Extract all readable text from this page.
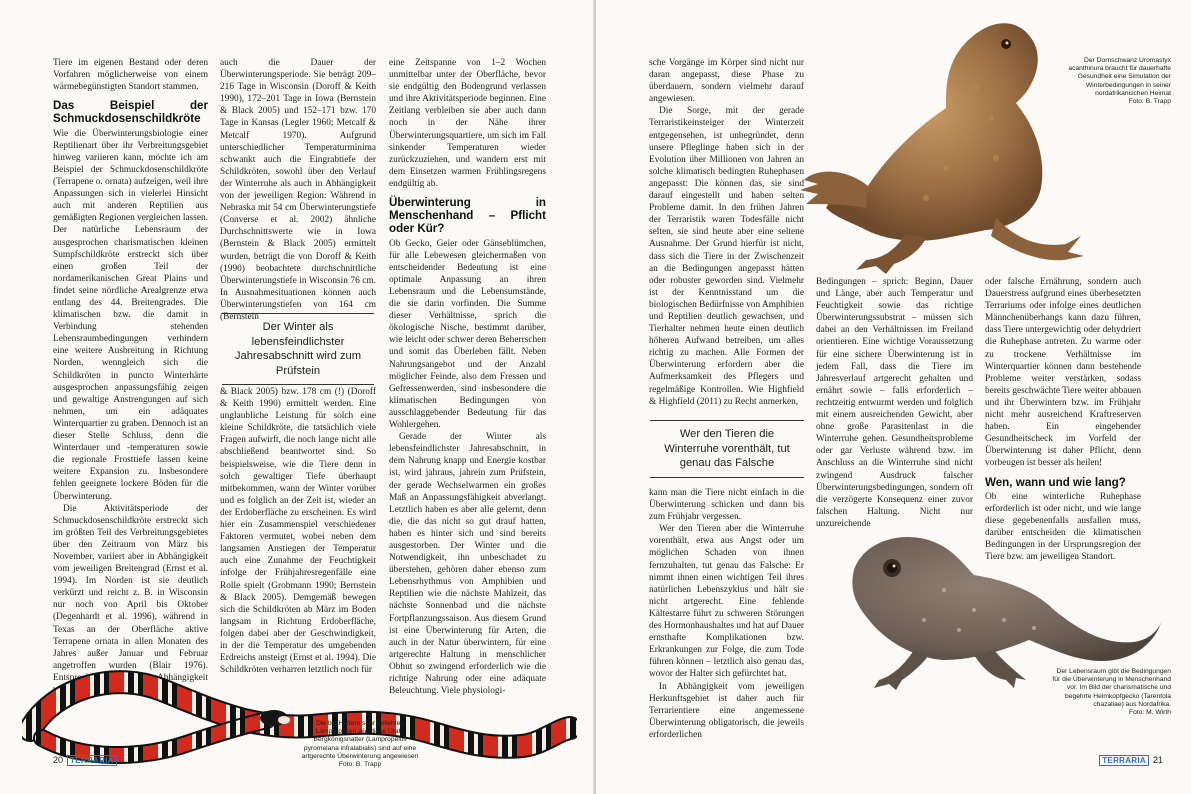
Tiere im eigenen Bestand oder deren Vorfahren möglicherweise von einem wärmebegünstigten Standort stammen.

Das Beispiel der Schmuckdosenschildkröte

Wie die Überwinterungsbiologie einer Reptilienart über ihr Verbreitungsgebiet hinweg variieren kann, möchte ich am Beispiel der Schmuckdosenschildkröte (Terrapene o. ornata) aufzeigen, weil ihre Anpassungen sich in vielerlei Hinsicht auch mit anderen Reptilien aus gemäßigten Regionen vergleichen lassen. Der natürliche Lebensraum der ausgesprochen charismatischen kleinen Sumpfschildkröte erstreckt sich über einen großen Teil der nordamerikanischen Great Plains und findet seine nördliche Arealgrenze etwa entlang des 44. Breitengrades. Die klimatischen bzw. die damit in Verbindung stehenden Lebensraumbedingungen verhindern eine weitere Ausbreitung in Richtung Norden, wenngleich sich die Schildkröten in puncto Winterhärte ausgesprochen anpassungsfähig zeigen und gewaltige Anstrengungen auf sich nehmen, um ein adäquates Winterquartier zu graben. Dennoch ist an dieser Stelle Schluss, denn die Winterdauer und -temperaturen sowie die regionale Frosttiefe lassen keine weitere Expansion zu. Insbesondere fehlen geeignete lockere Böden für die Überwinterung.

Die Aktivitätsperiode der Schmuckdosenschildkröte erstreckt sich im größten Teil des Verbreitungsgebietes über den Zeitraum von März bis November, variiert aber in Abhängigkeit vom jeweiligen Breitengrad (Ernst et al. 1994). Im Norden ist sie deutlich verkürzt und reicht z. B. in Wisconsin nur noch von April bis Oktober (Degenhardt et al. 1996), während in Texas an der Oberfläche aktive Terrapene ornata in allen Monaten des Jahres außer Januar und Februar angetroffen wurden (Blair 1976). Entsprechend variiert in Abhängigkeit vom Breitengrad

auch die Dauer der Überwinterungsperiode. Sie beträgt 209–216 Tage in Wisconsin (Doroff & Keith 1990), 172–201 Tage in Iowa (Bernstein & Black 2005) und 152–171 bzw. 170 Tage in Kansas (Legler 1960; Metcalf & Metcalf 1970). Aufgrund unterschiedlicher Temperaturminima schwankt auch die Eingrabtiefe der Schildkröten, sowohl über den Verlauf der Winterruhe als auch in Abhängigkeit von der jeweiligen Region: Während in Nebraska mit 54 cm Überwinterungstiefe (Converse et al. 2002) ähnliche Durchschnittswerte wie in Iowa (Bernstein & Black 2005) ermittelt wurden, beträgt die von Doroff & Keith (1990) beobachtete durchschnittliche Überwinterungstiefe in Wisconsin 76 cm. In Ausnahmesituationen können auch Überwinterungstiefen von 164 cm (Bernstein

Der Winter als lebensfeindlichster Jahresabschnitt wird zum Prüfstein

& Black 2005) bzw. 178 cm (!) (Doroff & Keith 1990) ermittelt werden. Eine unglaubliche Leistung für solch eine kleine Schildkröte, die tatsächlich viele Fragen aufwirft, die noch lange nicht alle abschließend beantwortet sind. So beispielsweise, wie die Tiere denn in solch gewaltiger Tiefe überhaupt mitbekommen, wann der Winter vorüber und es folglich an der Zeit ist, wieder an der Erdoberfläche zu erscheinen. Es wird hier ein Zusammenspiel verschiedener Faktoren vermutet, wobei neben dem langsamen Anstiegen der Temperatur auch eine Zunahme der Feuchtigkeit infolge der Frühjahresregenfälle eine Rolle spielt (Grobmann 1990; Bernstein & Black 2005). Demgemäß bewegen sich die Schildkröten ab März im Boden langsam in Richtung Erdoberfläche, folgen dabei aber der Geschwindigkeit, in der die Temperatur des umgebenden Erdreichs ansteigt (Ernst et al. 1994). Die Schildkröten verharren letztlich noch für

eine Zeitspanne von 1–2 Wochen unmittelbar unter der Oberfläche, bevor sie endgültig den Bodengrund verlassen und ihre Aktivitätsperiode beginnen. Eine Zeitlang verbleiben sie aber auch dann noch in der Nähe ihrer Überwinterungsquartiere, um sich im Fall sinkender Temperaturen wieder zurückzuziehen, und wandern erst mit dem Einsetzen warmen Frühlingsregens endgültig ab.

Überwinterung in Menschenhand – Pflicht oder Kür?

Ob Gecko, Geier oder Gänseblümchen, für alle Lebewesen gleichermaßen von entscheidender Bedeutung ist eine optimale Anpassung an ihren Lebensraum und die Lebensumstände, die sie darin vorfinden. Die Summe dieser Verhältnisse, sprich die ökologische Nische, bestimmt darüber, wie leicht oder schwer deren Beherrschen und somit das Überleben fällt. Neben Nahrungsangebot und der Anzahl möglicher Feinde, also dem Fressen und Gefressenwerden, sind insbesondere die klimatischen Bedingungen von ausschlaggebender Bedeutung für das Wohlergehen.

Gerade der Winter als lebensfeindlichster Jahresabschnitt, in dem Nahrung knapp und Energie kostbar ist, wird jahraus, jahrein zum Prüfstein, der gerade Wechselwarmen ein großes Maß an Anpassungsfähigkeit abverlangt. Letztlich haben es aber alle gelernt, denn die, die das nicht so gut drauf hatten, haben es hinter sich und sind bereits ausgestorben. Der Winter und die Notwendigkeit, ihn unbeschadet zu überstehen, gehören daher ebenso zum Lebensrhythmus von Amphibien und Reptilien wie die nächste Mahlzeit, das nächste Sonnenbad und die nächste Fortpflanzungssaison. Aus diesem Grund ist eine Überwinterung für Arten, die auch in der Natur überwintern, für eine artgerechte Haltung in menschlicher Obhut so zwingend erforderlich wie die richtige Nahrung oder eine adäquate Beleuchtung. Viele physiologi-

Die bei Haltern sehr beliebten Lampropelten wie diese Utah-Bergkönigsnatter (Lampropeltis pyromelana infralabialis) sind auf eine artgerechte Überwinterung angewiesen
Foto: B. Trapp
20 TERRARIA

sche Vorgänge im Körper sind nicht nur daran angepasst, diese Phase zu überdauern, sondern vielmehr darauf angewiesen.

Die Sorge, mit der gerade Terraristikeinsteiger der Winterzeit entgegensehen, ist unbegründet, denn unsere Pfleglinge haben sich in der Evolution über Millionen von Jahren an solche klimatisch bedingten Ruhephasen angepasst: Die können das, sie sind darauf eingestellt und haben selten Probleme damit. In den frühen Jahren der Terraristik waren Todesfälle nicht selten, sie sind heute aber eine seltene Ausnahme. Der Grund hierfür ist nicht, dass sich die Tiere in der Zwischenzeit an die Bedingungen angepasst hätten oder robuster geworden sind. Vielmehr ist der Kenntnisstand um die biologischen Bedürfnisse von Amphibien und Reptilien deutlich gewachsen, und Tierhalter nehmen heute einen deutlich höheren Aufwand betreiben, um alles richtig zu machen. Alle Formen der Überwinterung erfordern aber die Aufmerksamkeit des Pflegers und regelmäßige Kontrollen. Wie Highfield & Highfield (2011) zu Recht anmerken,

Wer den Tieren die Winterruhe vorenthält, tut genau das Falsche

kann man die Tiere nicht einfach in die Überwinterung schicken und dann bis zum Frühjahr vergessen.

Wer den Tieren aber die Winterruhe vorenthält, etwa aus Angst oder um möglichen Schaden von ihnen fernzuhalten, tut genau das Falsche: Er nimmt ihnen einen wichtigen Teil ihres natürlichen Lebenszyklus und hält sie nicht artgerecht. Eine fehlende Kältestarre führt zu schweren Störungen des Hormonhaushaltes und hat auf Dauer ernsthafte Komplikationen bzw. Erkrankungen zur Folge, die zum Tode führen können – letztlich also genau das, wovor der Halter sich gefürchtet hat.

In Abhängigkeit vom jeweiligen Herkunftsgebiet ist daher auch für Terrarientiere eine angemessene Überwinterung obligatorisch, die jeweils erforderlichen

Bedingungen – sprich: Beginn, Dauer und Länge, aber auch Temperatur und Feuchtigkeit sowie das richtige Überwinterungssubstrat – müssen sich dabei an den Verhältnissen im Freiland orientieren. Eine wichtige Voraussetzung für eine sichere Überwinterung ist in jedem Fall, dass die Tiere im Jahresverlauf artgerecht gehalten und ernährt sowie – falls erforderlich – rechtzeitig entwurmt werden und folglich mit einem ausreichenden Gewicht, aber ohne große Parasitenlast in die Winterruhe gehen. Gesundheitsprobleme oder gar Verluste während bzw. im Anschluss an die Winterruhe sind nicht zwingend Ausdruck falscher Überwinterungsbedingungen, sondern oft die verzögerte Konsequenz einer zuvor falschen Haltung. Nicht nur unzureichende

oder falsche Ernährung, sondern auch Dauerstress aufgrund eines überbesetzten Terrariums oder infolge eines deutlichen Männchenüberhangs kann dazu führen, dass Tiere untergewichtig oder dehydriert die Ruhephase antreten. Zu warme oder zu trockene Verhältnisse im Winterquartier können dann bestehende Probleme weiter verstärken, sodass bereits geschwächte Tiere weiter abbauen und ihr Überwintern bzw. im Frühjahr nicht mehr ausreichend Kraftreserven haben. Ein eingehender Gesundheitscheck im Vorfeld der Überwinterung ist daher Pflicht, denn vorbeugen ist besser als heilen!

Wen, wann und wie lang?

Ob eine winterliche Ruhephase erforderlich ist oder nicht, und wie lange diese gegebenenfalls ausfallen muss, darüber entscheiden die klimatischen Bedingungen in der Ursprungsregion der Tiere bzw. am jeweiligen Standort.

Der Dornschwanz Uromastyx acanthinura braucht für dauerhafte Gesundheit eine Simulation der Winterbedingungen in seiner nordafrikanischen Heimat
Foto: B. Trapp
Der Lebensraum gibt die Bedingungen für die Überwinterung in Menschenhand vor. Im Bild der charismatische und begehrte Helmkopfgecko (Tarentola chazaliae) aus Nordafrika.
Foto: M. Wirth
TERRARIA 21
